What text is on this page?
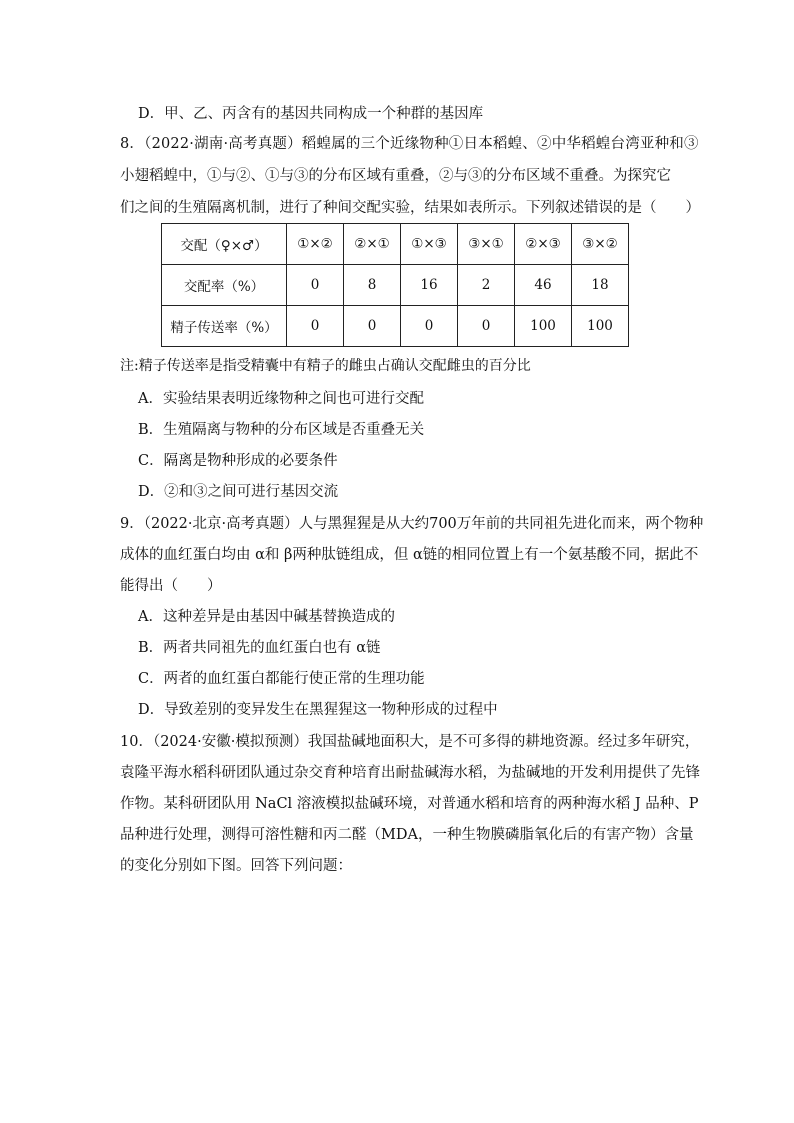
D．甲、乙、丙含有的基因共同构成一个种群的基因库
8．（2022·湖南·高考真题）稻蝗属的三个近缘物种①日本稻蝗、②中华稻蝗台湾亚种和③
小翅稻蝗中，①与②、①与③的分布区域有重叠，②与③的分布区域不重叠。为探究它
们之间的生殖隔离机制，进行了种间交配实验，结果如表所示。下列叙述错误的是（　　）
交配（♀×♂）	①×②	②×①	①×③	③×①	②×③	③×②
交配率（%）	0	8	16	2	46	18
精子传送率（%）	0	0	0	0	100	100
注:精子传送率是指受精囊中有精子的雌虫占确认交配雌虫的百分比
A．实验结果表明近缘物种之间也可进行交配
B．生殖隔离与物种的分布区域是否重叠无关
C．隔离是物种形成的必要条件
D．②和③之间可进行基因交流
9．（2022·北京·高考真题）人与黑猩猩是从大约700万年前的共同祖先进化而来，两个物种
成体的血红蛋白均由 α和 β两种肽链组成，但 α链的相同位置上有一个氨基酸不同，据此不
能得出（　　）
A．这种差异是由基因中碱基替换造成的
B．两者共同祖先的血红蛋白也有 α链
C．两者的血红蛋白都能行使正常的生理功能
D．导致差别的变异发生在黑猩猩这一物种形成的过程中
10．（2024·安徽·模拟预测）我国盐碱地面积大，是不可多得的耕地资源。经过多年研究，
袁隆平海水稻科研团队通过杂交育种培育出耐盐碱海水稻，为盐碱地的开发利用提供了先锋
作物。某科研团队用 NaCl 溶液模拟盐碱环境，对普通水稻和培育的两种海水稻 J 品种、P
品种进行处理，测得可溶性糖和丙二醛（MDA，一种生物膜磷脂氧化后的有害产物）含量
的变化分别如下图。回答下列问题：
